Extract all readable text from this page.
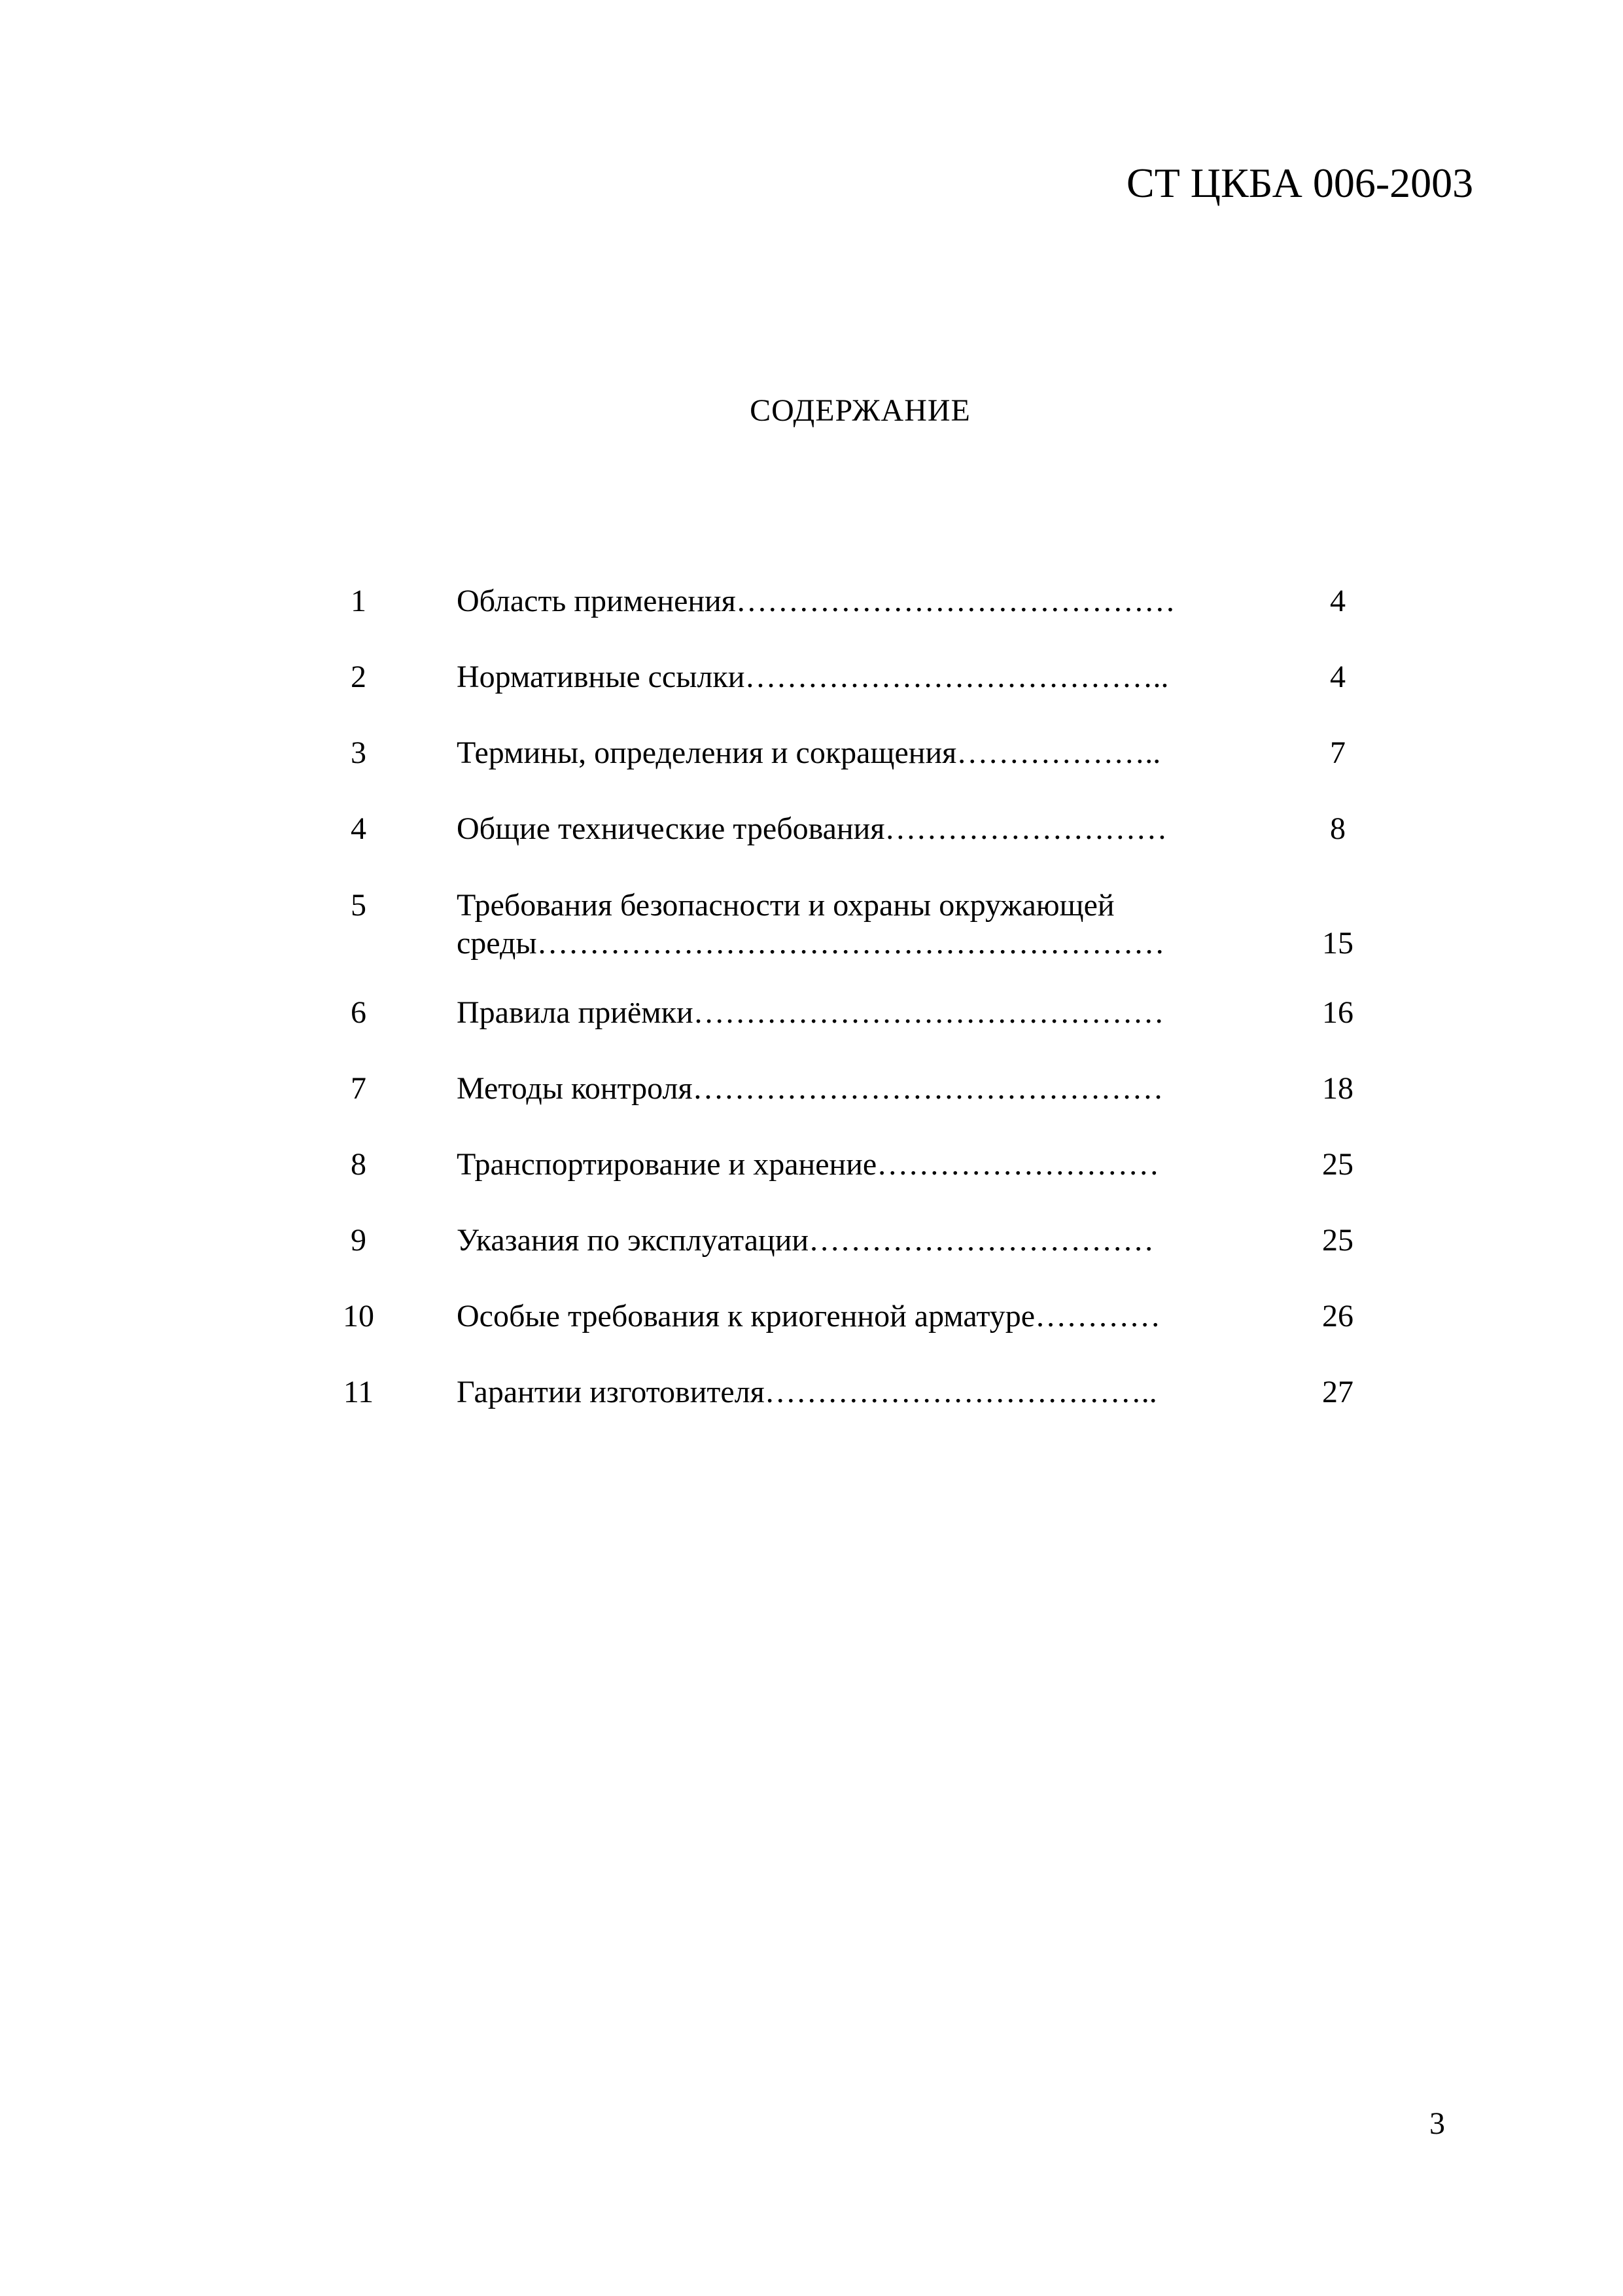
СТ ЦКБА 006-2003
СОДЕРЖАНИЕ
1	Область применения……………………………………	4
2	Нормативные ссылки…………………………………..	4
3	Термины, определения и сокращения………………..	7
4	Общие технические требования………………………	8
5	Требования безопасности и охраны окружающей
среды……………………………………………………	15
6	Правила приёмки………………………………………	16
7	Методы контроля………………………………………	18
8	Транспортирование и хранение………………………	25
9	Указания по эксплуатации……………………………	25
10	Особые требования к криогенной арматуре…………	26
11	Гарантии изготовителя………………………………..	27
3
